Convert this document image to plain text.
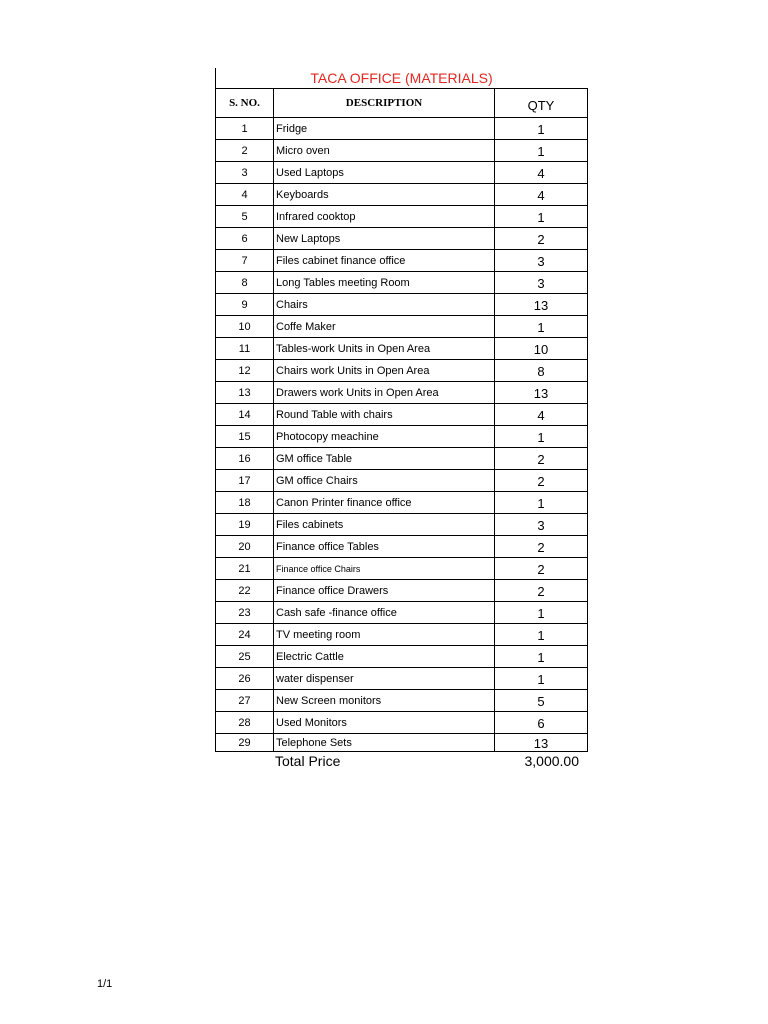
TACA OFFICE (MATERIALS)
S. NO.	DESCRIPTION	QTY
1	Fridge	1
2	Micro oven	1
3	Used Laptops	4
4	Keyboards	4
5	Infrared cooktop	1
6	New Laptops	2
7	Files cabinet finance office	3
8	Long Tables meeting Room	3
9	Chairs	13
10	Coffe Maker	1
11	Tables-work Units in Open Area	10
12	Chairs work Units in Open Area	8
13	Drawers work Units in Open Area	13
14	Round Table with chairs	4
15	Photocopy meachine	1
16	GM office Table	2
17	GM office Chairs	2
18	Canon Printer finance office	1
19	Files cabinets	3
20	Finance office Tables	2
21	Finance office Chairs	2
22	Finance office Drawers	2
23	Cash safe -finance office	1
24	TV meeting room	1
25	Electric Cattle	1
26	water dispenser	1
27	New Screen monitors	5
28	Used Monitors	6
29	Telephone Sets	13
Total Price	3,000.00
1/1
